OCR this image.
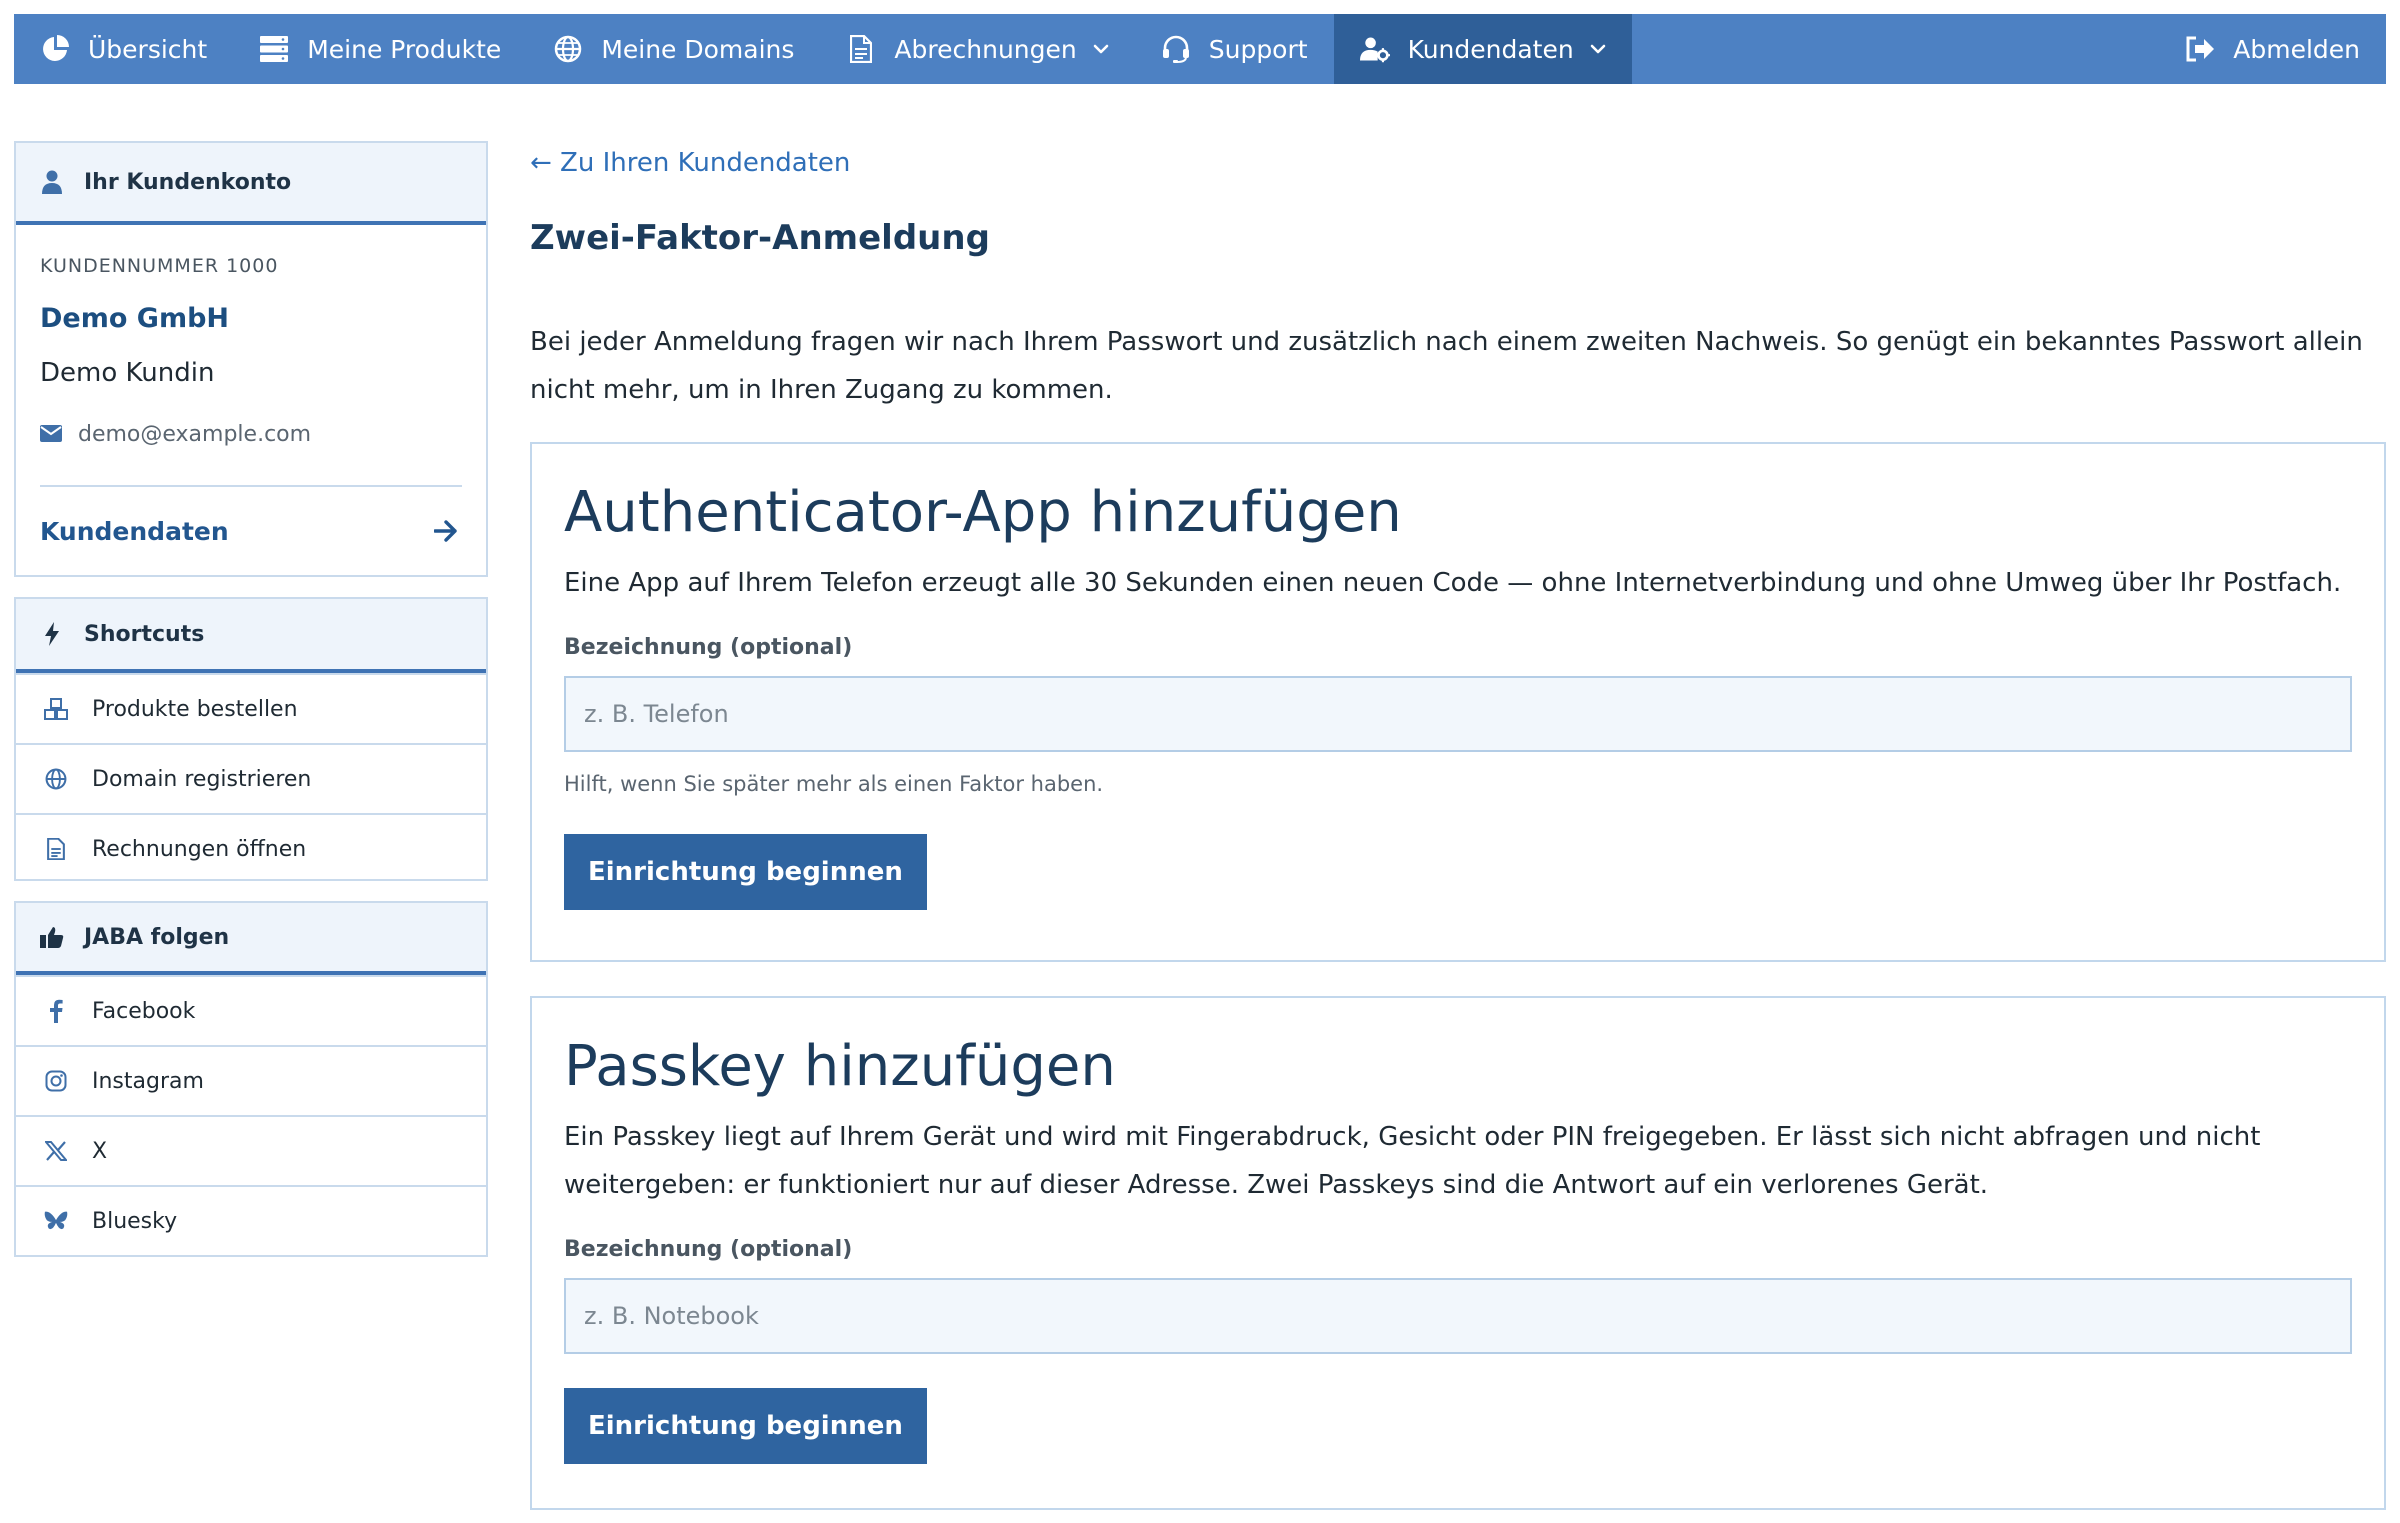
Übersicht	Meine Produkte	Meine Domains	Abrechnungen	Support	Kundendaten	Abmelden
Ihr Kundenkonto
KUNDENNUMMER 1000
Demo GmbH
Demo Kundin
demo@example.com
Kundendaten
Shortcuts
Produkte bestellen
Domain registrieren
Rechnungen öffnen
JABA folgen
Facebook
Instagram
X
Bluesky
← Zu Ihren Kundendaten
Zwei-Faktor-Anmeldung

Bei jeder Anmeldung fragen wir nach Ihrem Passwort und zusätzlich nach einem zweiten Nachweis. So genügt ein bekanntes Passwort allein nicht mehr, um in Ihren Zugang zu kommen.

Authenticator-App hinzufügen

Eine App auf Ihrem Telefon erzeugt alle 30 Sekunden einen neuen Code — ohne Internetverbindung und ohne Umweg über Ihr Postfach.

Bezeichnung (optional)
z. B. Telefon
Hilft, wenn Sie später mehr als einen Faktor haben.
Einrichtung beginnen
Passkey hinzufügen

Ein Passkey liegt auf Ihrem Gerät und wird mit Fingerabdruck, Gesicht oder PIN freigegeben. Er lässt sich nicht abfragen und nicht weitergeben: er funktioniert nur auf dieser Adresse. Zwei Passkeys sind die Antwort auf ein verlorenes Gerät.

Bezeichnung (optional)
z. B. Notebook
Einrichtung beginnen
